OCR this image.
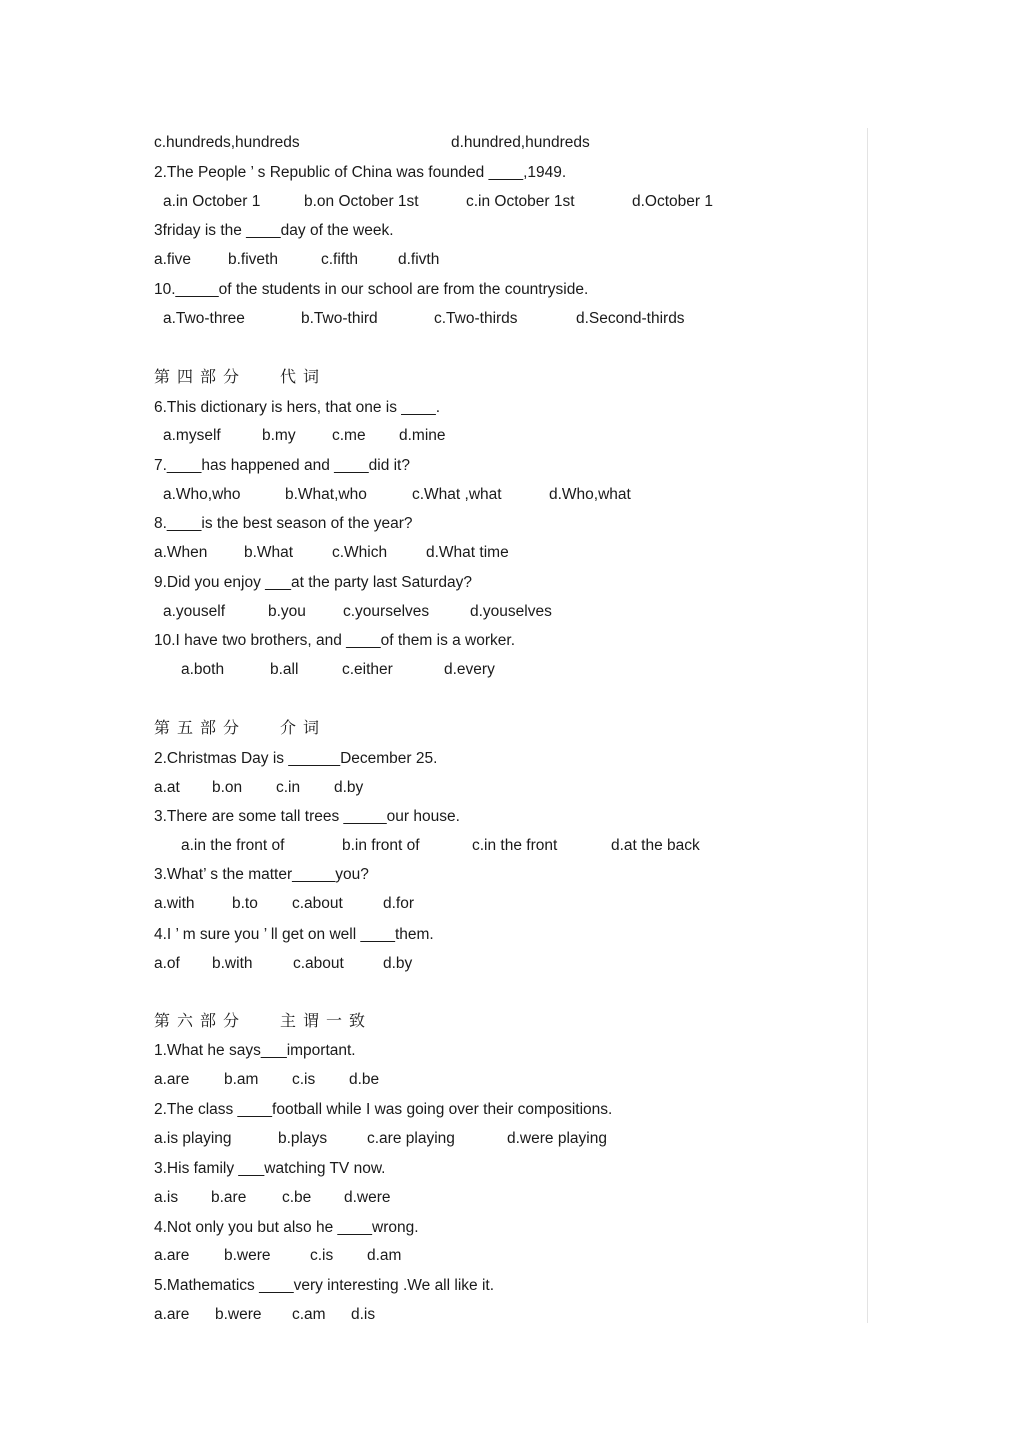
c.hundreds,hundreds	d.hundred,hundreds
2.The People ’ s Republic of China was founded ____,1949.
a.in October 1	b.on October 1st	c.in October 1st	d.October 1
3friday is the ____day of the week.
a.five b.fiveth	c.fifth	d.fivth
10._____of the students in our school are from the countryside.
a.Two-three	b.Two-third	c.Two-thirds	d.Second-thirds
第四部分 代词
6.This dictionary is hers, that one is ____.
a.myself	b.my c.me d.mine
7.____has happened and ____did it?
a.Who,who	b.What,who	c.What ,what	d.Who,what
8.____is the best season of the year?
a.When b.What	c.Which	d.What time
9.Did you enjoy ___at the party last Saturday?
a.youself	b.you c.yourselves	d.youselves
10.I have two brothers, and ____of them is a worker.
a.both	b.all	c.either	d.every
第五部分 介词
2.Christmas Day is ______December 25.
a.at b.on c.in d.by
3.There are some tall trees _____our house.
a.in the front of	b.in front of	c.in the front	d.at the back
3.What’ s the matter_____you?
a.with b.to c.about	d.for
4.I ’ m sure you ’ ll get on well ____them.
a.of b.with	c.about	d.by
第六部分 主谓一致
1.What he says___important.
a.are b.am c.is d.be
2.The class ____football while I was going over their compositions.
a.is playing	b.plays	c.are playing	d.were playing
3.His family ___watching TV now.
a.is b.are c.be d.were
4.Not only you but also he ____wrong.
a.are b.were	c.is d.am
5.Mathematics ____very interesting .We all like it.
a.are b.were c.am d.is
